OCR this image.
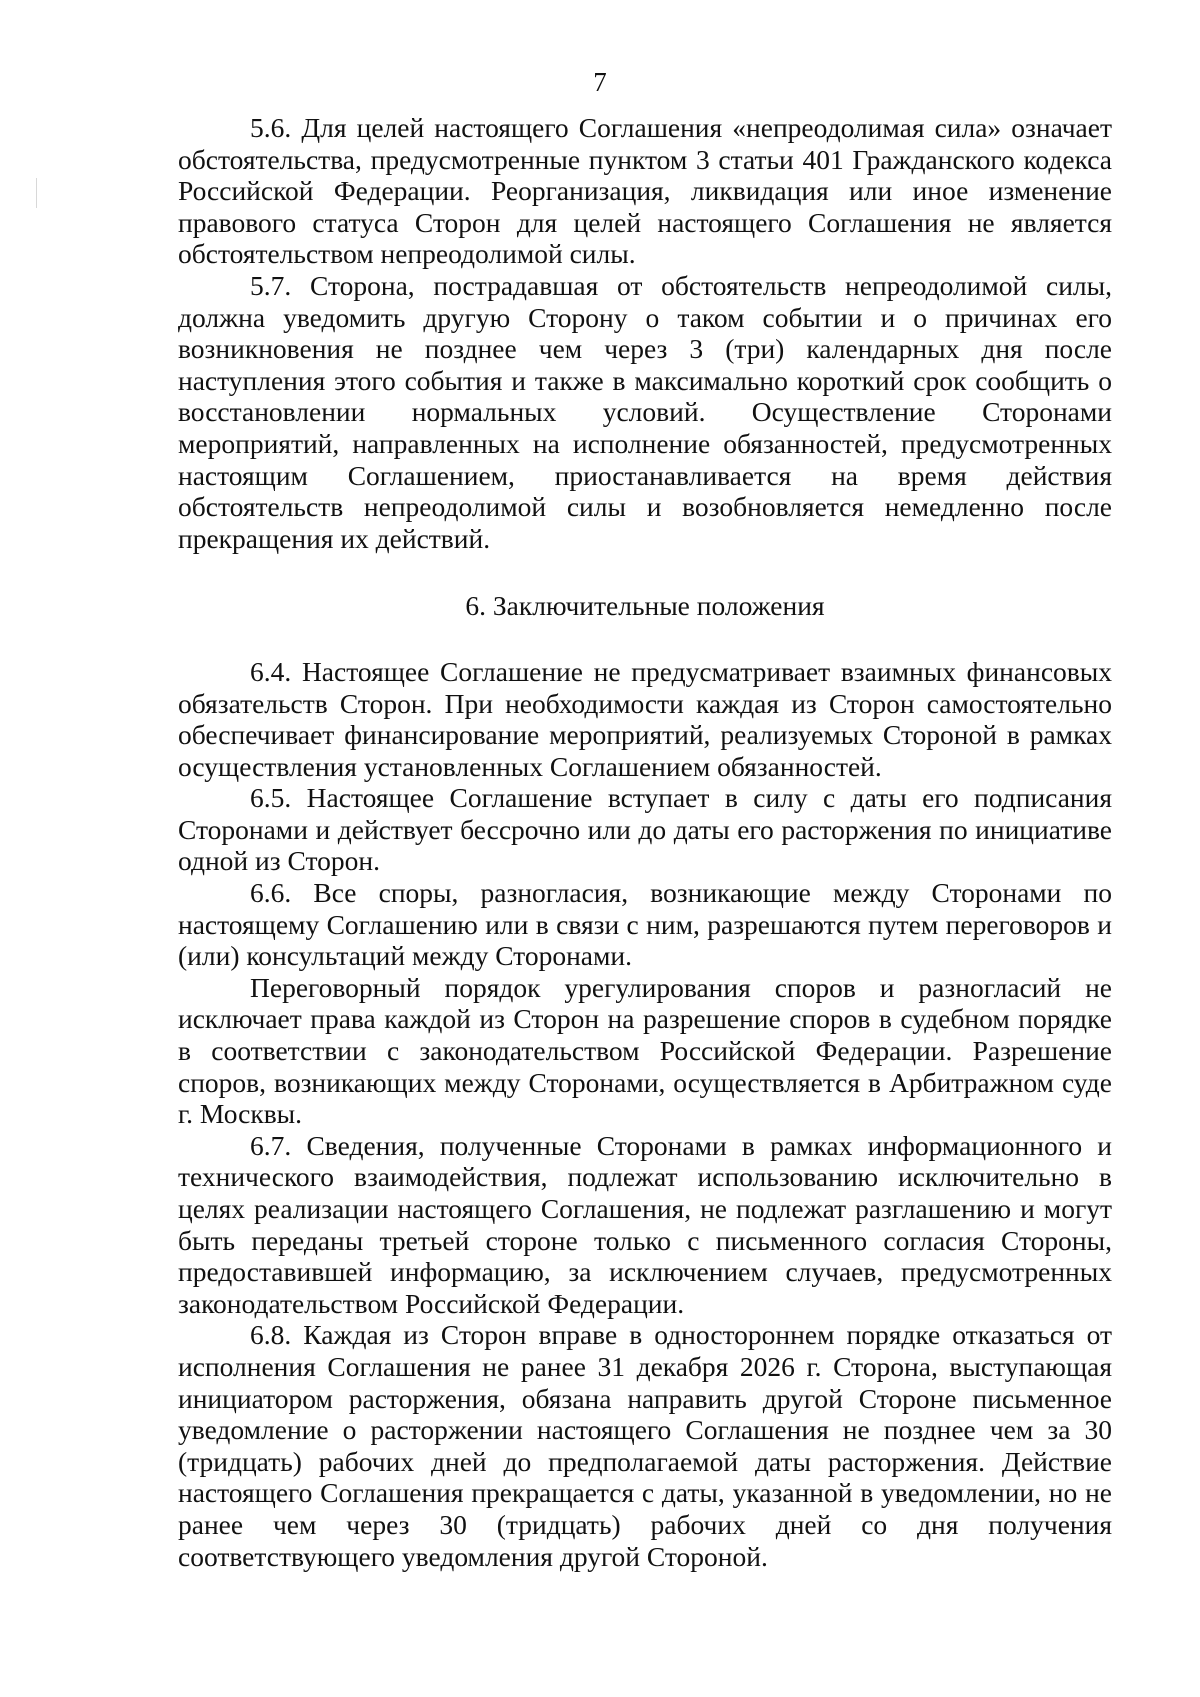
7

5.6. Для целей настоящего Соглашения «непреодолимая сила» означает обстоятельства, предусмотренные пунктом 3 статьи 401 Гражданского кодекса Российской Федерации. Реорганизация, ликвидация или иное изменение правового статуса Сторон для целей настоящего Соглашения не является обстоятельством непреодолимой силы.

5.7. Сторона, пострадавшая от обстоятельств непреодолимой силы, должна уведомить другую Сторону о таком событии и о причинах его возникновения не позднее чем через 3 (три) календарных дня после наступления этого события и также в максимально короткий срок сообщить о восстановлении нормальных условий. Осуществление Сторонами мероприятий, направленных на исполнение обязанностей, предусмотренных настоящим Соглашением, приостанавливается на время действия обстоятельств непреодолимой силы и возобновляется немедленно после прекращения их действий.

6. Заключительные положения

6.4. Настоящее Соглашение не предусматривает взаимных финансовых обязательств Сторон. При необходимости каждая из Сторон самостоятельно обеспечивает финансирование мероприятий, реализуемых Стороной в рамках осуществления установленных Соглашением обязанностей.

6.5. Настоящее Соглашение вступает в силу с даты его подписания Сторонами и действует бессрочно или до даты его расторжения по инициативе одной из Сторон.

6.6. Все споры, разногласия, возникающие между Сторонами по настоящему Соглашению или в связи с ним, разрешаются путем переговоров и (или) консультаций между Сторонами.

Переговорный порядок урегулирования споров и разногласий не исключает права каждой из Сторон на разрешение споров в судебном порядке в соответствии с законодательством Российской Федерации. Разрешение споров, возникающих между Сторонами, осуществляется в Арбитражном суде г. Москвы.

6.7. Сведения, полученные Сторонами в рамках информационного и технического взаимодействия, подлежат использованию исключительно в целях реализации настоящего Соглашения, не подлежат разглашению и могут быть переданы третьей стороне только с письменного согласия Стороны, предоставившей информацию, за исключением случаев, предусмотренных законодательством Российской Федерации.

6.8. Каждая из Сторон вправе в одностороннем порядке отказаться от исполнения Соглашения не ранее 31 декабря 2026 г. Сторона, выступающая инициатором расторжения, обязана направить другой Стороне письменное уведомление о расторжении настоящего Соглашения не позднее чем за 30 (тридцать) рабочих дней до предполагаемой даты расторжения. Действие настоящего Соглашения прекращается с даты, указанной в уведомлении, но не ранее чем через 30 (тридцать) рабочих дней со дня получения соответствующего уведомления другой Стороной.
